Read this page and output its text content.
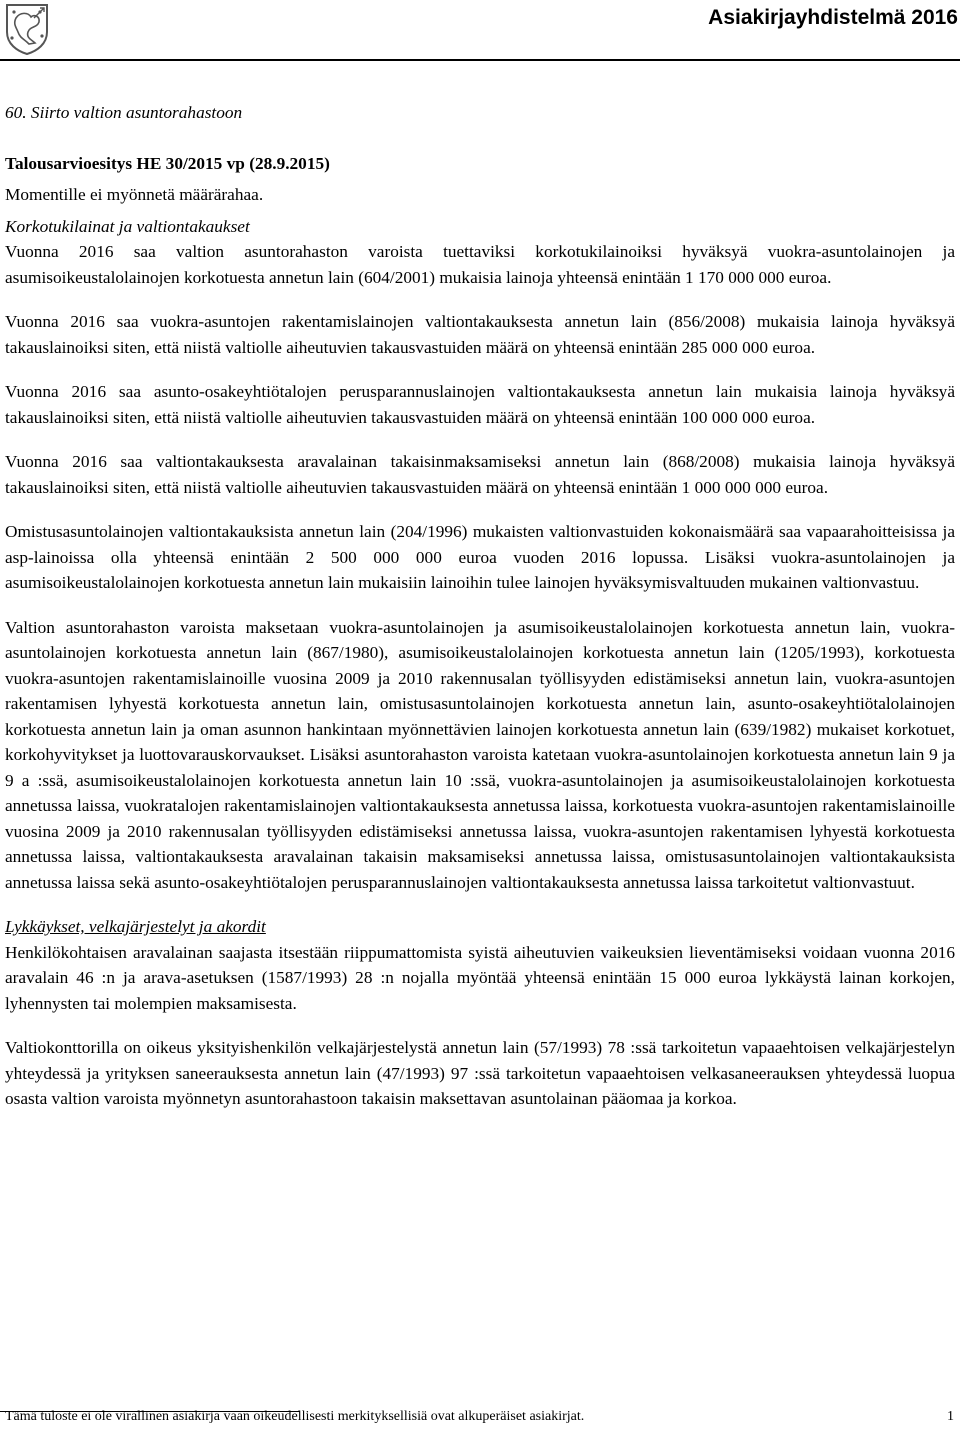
Asiakirjayhdistelmä 2016

60. Siirto valtion asuntorahastoon

Talousarvioesitys HE 30/2015 vp (28.9.2015)

Momentille ei myönnetä määrärahaa.

Korkotukilainat ja valtiontakaukset

Vuonna 2016 saa valtion asuntorahaston varoista tuettaviksi korkotukilainoiksi hyväksyä vuokra-asuntolainojen ja asumisoikeustalolainojen korkotuesta annetun lain (604/2001) mukaisia lainoja yhteensä enintään 1 170 000 000 euroa.

Vuonna 2016 saa vuokra-asuntojen rakentamislainojen valtiontakauksesta annetun lain (856/2008) mukaisia lainoja hyväksyä takauslainoiksi siten, että niistä valtiolle aiheutuvien takausvastuiden määrä on yhteensä enintään 285 000 000 euroa.

Vuonna 2016 saa asunto-osakeyhtiötalojen perusparannuslainojen valtiontakauksesta annetun lain mukaisia lainoja hyväksyä takauslainoiksi siten, että niistä valtiolle aiheutuvien takausvastuiden määrä on yhteensä enintään 100 000 000 euroa.

Vuonna 2016 saa valtiontakauksesta aravalainan takaisinmaksamiseksi annetun lain (868/2008) mukaisia lainoja hyväksyä takauslainoiksi siten, että niistä valtiolle aiheutuvien takausvastuiden määrä on yhteensä enintään 1 000 000 000 euroa.

Omistusasuntolainojen valtiontakauksista annetun lain (204/1996) mukaisten valtionvastuiden kokonaismäärä saa vapaarahoitteisissa ja asp-lainoissa olla yhteensä enintään 2 500 000 000 euroa vuoden 2016 lopussa. Lisäksi vuokra-asuntolainojen ja asumisoikeustalolainojen korkotuesta annetun lain mukaisiin lainoihin tulee lainojen hyväksymisvaltuuden mukainen valtionvastuu.

Valtion asuntorahaston varoista maksetaan vuokra-asuntolainojen ja asumisoikeustalolainojen korkotuesta annetun lain, vuokra-asuntolainojen korkotuesta annetun lain (867/1980), asumisoikeustalolainojen korkotuesta annetun lain (1205/1993), korkotuesta vuokra-asuntojen rakentamislainoille vuosina 2009 ja 2010 rakennusalan työllisyyden edistämiseksi annetun lain, vuokra-asuntojen rakentamisen lyhyestä korkotuesta annetun lain, omistusasuntolainojen korkotuesta annetun lain, asunto-osakeyhtiötalolainojen korkotuesta annetun lain ja oman asunnon hankintaan myönnettävien lainojen korkotuesta annetun lain (639/1982) mukaiset korkotuet, korkohyvitykset ja luottovarauskorvaukset. Lisäksi asuntorahaston varoista katetaan vuokra-asuntolainojen korkotuesta annetun lain 9 ja 9 a :ssä, asumisoikeustalolainojen korkotuesta annetun lain 10 :ssä, vuokra-asuntolainojen ja asumisoikeustalolainojen korkotuesta annetussa laissa, vuokratalojen rakentamislainojen valtiontakauksesta annetussa laissa, korkotuesta vuokra-asuntojen rakentamislainoille vuosina 2009 ja 2010 rakennusalan työllisyyden edistämiseksi annetussa laissa, vuokra-asuntojen rakentamisen lyhyestä korkotuesta annetussa laissa, valtiontakauksesta aravalainan takaisin maksamiseksi annetussa laissa, omistusasuntolainojen valtiontakauksista annetussa laissa sekä asunto-osakeyhtiötalojen perusparannuslainojen valtiontakauksesta annetussa laissa tarkoitetut valtionvastuut.

Lykkäykset, velkajärjestelyt ja akordit

Henkilökohtaisen aravalainan saajasta itsestään riippumattomista syistä aiheutuvien vaikeuksien lieventämiseksi voidaan vuonna 2016 aravalain 46 :n ja arava-asetuksen (1587/1993) 28 :n nojalla myöntää yhteensä enintään 15 000 euroa lykkäystä lainan korkojen, lyhennysten tai molempien maksamisesta.

Valtiokonttorilla on oikeus yksityishenkilön velkajärjestelystä annetun lain (57/1993) 78 :ssä tarkoitetun vapaaehtoisen velkajärjestelyn yhteydessä ja yrityksen saneerauksesta annetun lain (47/1993) 97 :ssä tarkoitetun vapaaehtoisen velkasaneerauksen yhteydessä luopua osasta valtion varoista myönnetyn asuntorahastoon takaisin maksettavan asuntolainan pääomaa ja korkoa.

Tämä tuloste ei ole virallinen asiakirja vaan oikeudellisesti merkityksellisiä ovat alkuperäiset asiakirjat.	1
